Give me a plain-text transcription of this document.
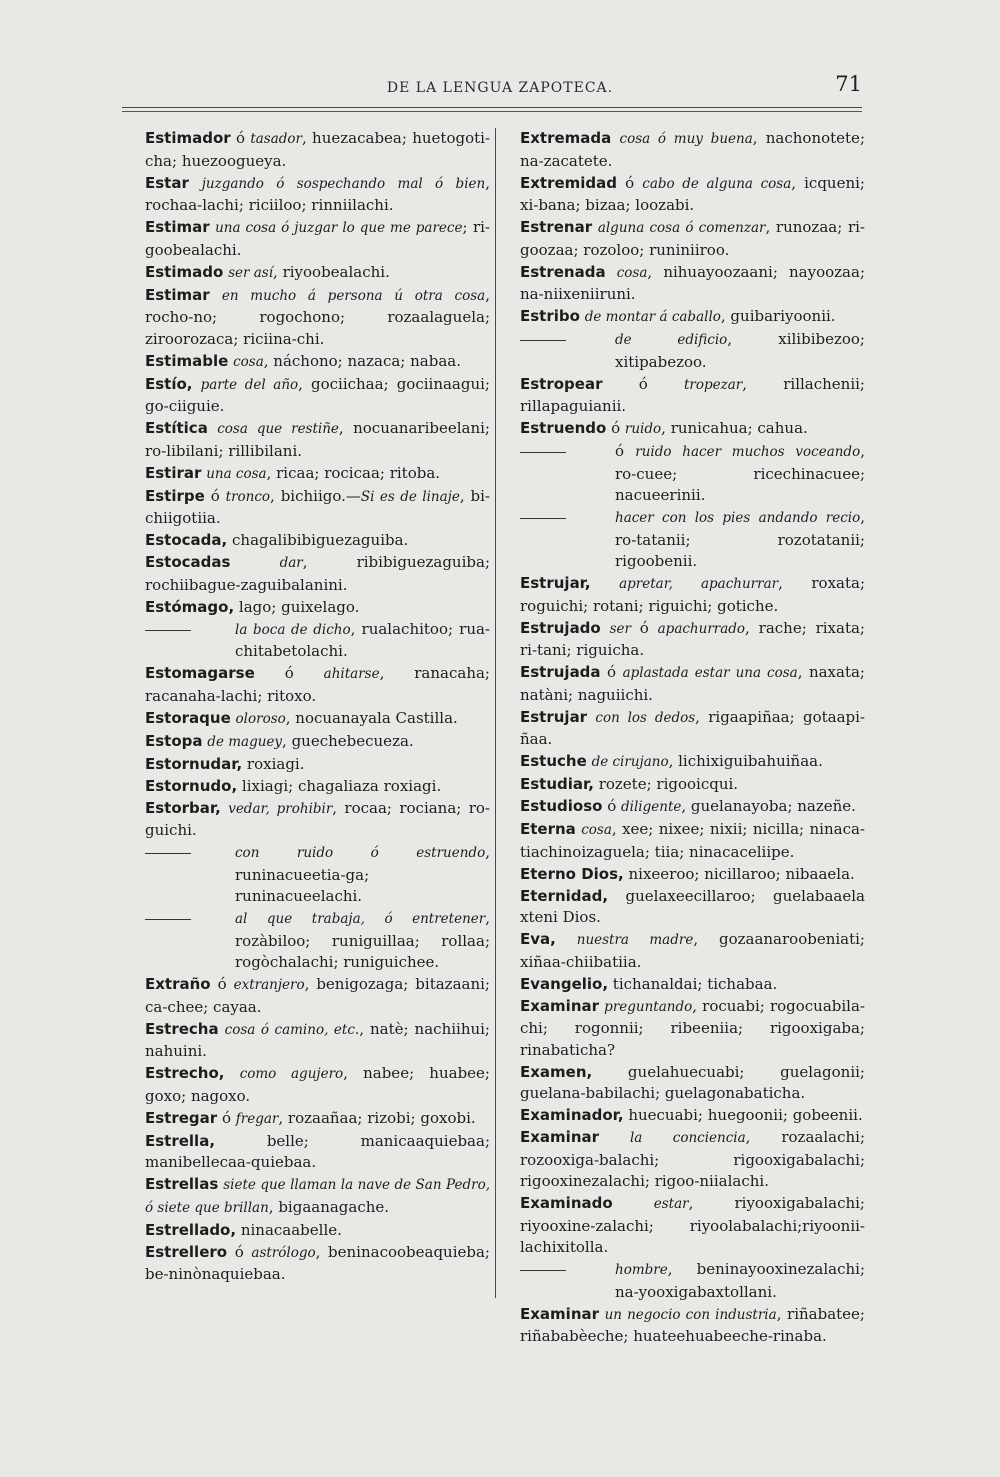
DE LA LENGUA ZAPOTECA.	71
Estimador ó tasador, huezacabea; huetogoti-cha; huezoogueya.
Estar juzgando ó sospechando mal ó bien, rochaa-lachi; riciiloo; rinniilachi.
Estimar una cosa ó juzgar lo que me parece; ri-goobealachi.
Estimado ser así, riyoobealachi.
Estimar en mucho á persona ú otra cosa, rocho-no; rogochono; rozaalaguela; ziroorozaca; riciina-chi.
Estimable cosa, náchono; nazaca; nabaa.
Estío, parte del año, gociichaa; gociinaagui; go-ciiguie.
Estítica cosa que restiñe, nocuanaribeelani; ro-libilani; rillibilani.
Estirar una cosa, ricaa; rocicaa; ritoba.
Estirpe ó tronco, bichiigo.—Si es de linaje, bi-chiigotiia.
Estocada, chagalibibiguezaguiba.
Estocadas	dar, ribibiguezaguiba; rochiibague-zaguibalanini.
Estómago, lago; guixelago.
la boca de dicho, rualachitoo; rua-chitabetolachi.
Estomagarse ó ahitarse, ranacaha; racanaha-lachi; ritoxo.
Estoraque oloroso, nocuanayala Castilla.
Estopa de maguey, guechebecueza.
Estornudar, roxiagi.
Estornudo, lixiagi; chagaliaza roxiagi.
Estorbar, vedar, prohibir, rocaa; rociana; ro-guichi.
con ruido ó estruendo, runinacueetia-ga; runinacueelachi.
al que trabaja, ó entretener, rozàbiloo; runiguillaa; rollaa; rogòchalachi; runiguichee.
Extraño ó extranjero, benigozaga; bitazaani; ca-chee; cayaa.
Estrecha cosa ó camino, etc., natè; nachiihui; nahuini.
Estrecho, como agujero, nabee; huabee; goxo; nagoxo.
Estregar ó fregar, rozaañaa; rizobi; goxobi.
Estrella, belle; manicaaquiebaa; manibellecaa-quiebaa.
Estrellas siete que llaman la nave de San Pedro, ó siete que brillan, bigaanagache.
Estrellado, ninacaabelle.
Estrellero ó astrólogo, beninacoobeaquieba; be-ninònaquiebaa.
Extremada cosa ó muy buena, nachonotete; na-zacatete.
Extremidad ó cabo de alguna cosa, icqueni; xi-bana; bizaa; loozabi.
Estrenar alguna cosa ó comenzar, runozaa; ri-goozaa; rozoloo; runiniiroo.
Estrenada cosa, nihuayoozaani; nayoozaa; na-niixeniiruni.
Estribo de montar á caballo, guibariyoonii.
de edificio, xilibibezoo; xitipabezoo.
Estropear ó tropezar, rillachenii; rillapaguianii.
Estruendo ó ruido, runicahua; cahua.
ó ruido hacer muchos voceando, ro-cuee; ricechinacuee; nacueerinii.
hacer con los pies andando recio, ro-tatanii; rozotatanii; rigoobenii.
Estrujar, apretar, apachurrar, roxata; roguichi; rotani; riguichi; gotiche.
Estrujado ser ó apachurrado, rache; rixata; ri-tani; riguicha.
Estrujada ó aplastada estar una cosa, naxata; natàni; naguiichi.
Estrujar con los dedos, rigaapiñaa; gotaapi-ñaa.
Estuche de cirujano, lichixiguibahuiñaa.
Estudiar, rozete; rigooicqui.
Estudioso ó diligente, guelanayoba; nazeñe.
Eterna cosa, xee; nixee; nixii; nicilla; ninaca-tiachinoizaguela; tiia; ninacaceliipe.
Eterno Dios, nixeeroo; nicillaroo; nibaaela.
Eternidad, guelaxeecillaroo; guelabaaela xteni Dios.
Eva, nuestra madre, gozaanaroobeniati; xiñaa-chiibatiia.
Evangelio, tichanaldai; tichabaa.
Examinar preguntando, rocuabi; rogocuabila-chi; rogonnii; ribeeniia; rigooxigaba; rinabaticha?
Examen, guelahuecuabi; guelagonii; guelana-babilachi; guelagonabaticha.
Examinador, huecuabi; huegoonii; gobeenii.
Examinar la conciencia, rozaalachi; rozooxiga-balachi; rigooxigabalachi; rigooxinezalachi; rigoo-niialachi.
Examinado	estar, riyooxigabalachi; riyooxine-zalachi; riyoolabalachi;riyoonii-lachixitolla.
hombre, beninayooxinezalachi; na-yooxigabaxtollani.
Examinar un negocio con industria, riñabatee; riñababèeche; huateehuabeeche-rinaba.
